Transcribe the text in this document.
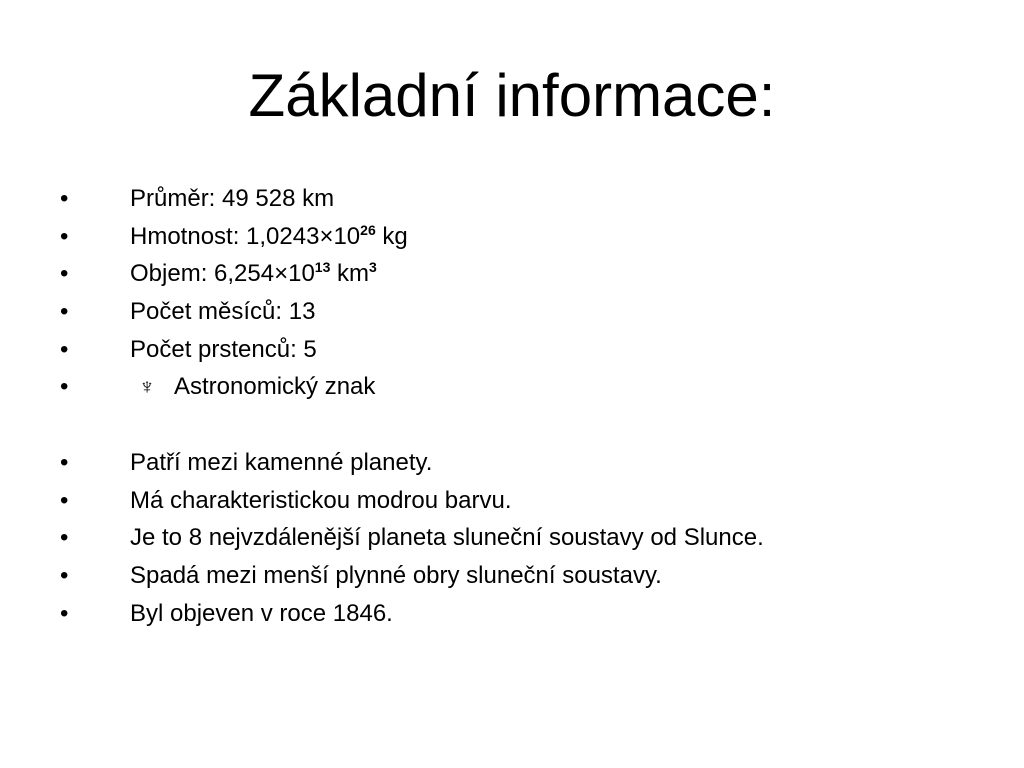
Základní informace:
•	Průměr: 49 528 km
•	Hmotnost: $1,0243\times 10^{26}$ kg
•	Objem: $6,254\times 10^{13}$ $km^3$
•	Počet měsíců: 13
•	Počet prstenců: 5
•	♆ Astronomický znak
•	Patří mezi kamenné planety.
•	Má charakteristickou modrou barvu.
•	Je to 8 nejvzdálenější planeta sluneční soustavy od Slunce.
•	Spadá mezi menší plynné obry sluneční soustavy.
•	Byl objeven v roce 1846.
